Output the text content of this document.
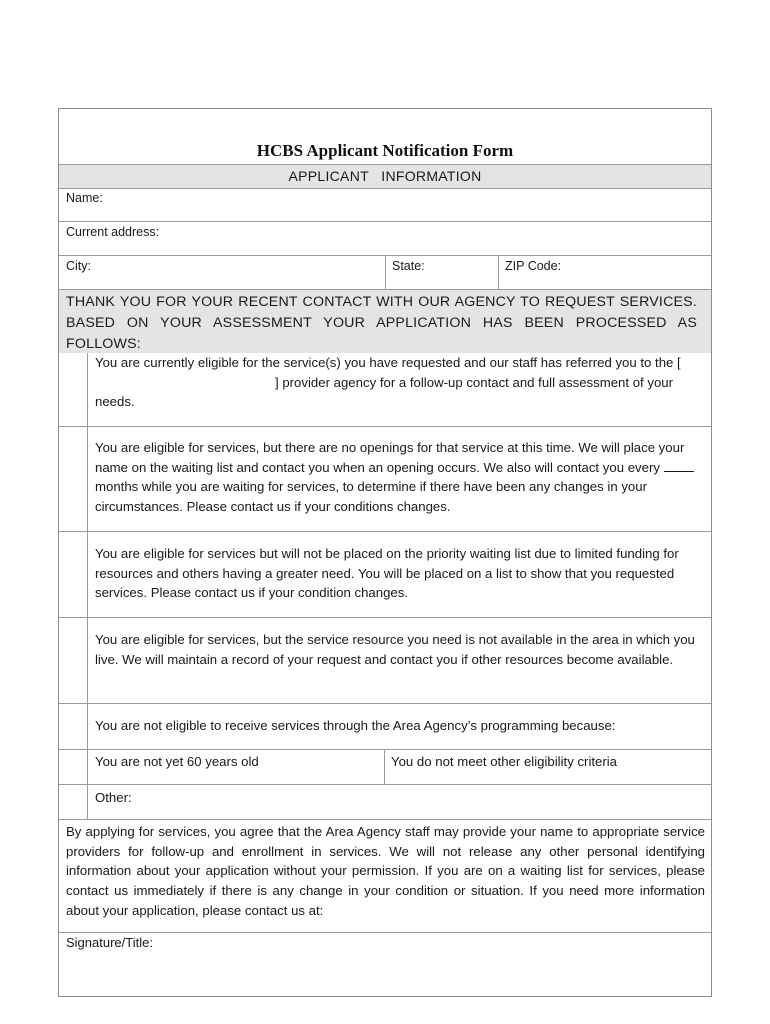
HCBS Applicant Notification Form
APPLICANT   INFORMATION
Name:
Current address:
City:	State:	ZIP Code:
THANK YOU FOR YOUR RECENT CONTACT WITH OUR AGENCY TO REQUEST SERVICES. BASED ON YOUR ASSESSMENT YOUR APPLICATION HAS BEEN PROCESSED AS FOLLOWS:
You are currently eligible for the service(s) you have requested and our staff has referred you to the [] provider agency for a follow-up contact and full assessment of your needs.
You are eligible for services, but there are no openings for that service at this time. We will place your name on the waiting list and contact you when an opening occurs. We also will contact you every  months while you are waiting for services, to determine if there have been any changes in your circumstances. Please contact us if your conditions changes.
You are eligible for services but will not be placed on the priority waiting list due to limited funding for resources and others having a greater need. You will be placed on a list to show that you requested services. Please contact us if your condition changes.
You are eligible for services, but the service resource you need is not available in the area in which you live. We will maintain a record of your request and contact you if other resources become available.
You are not eligible to receive services through the Area Agency’s programming because:
You are not yet 60 years old	You do not meet other eligibility criteria
Other:
By applying for services, you agree that the Area Agency staff may provide your name to appropriate service providers for follow-up and enrollment in services. We will not release any other personal identifying information about your application without your permission. If you are on a waiting list for services, please contact us immediately if there is any change in your condition or situation. If you need more information about your application, please contact us at:
Signature/Title:
